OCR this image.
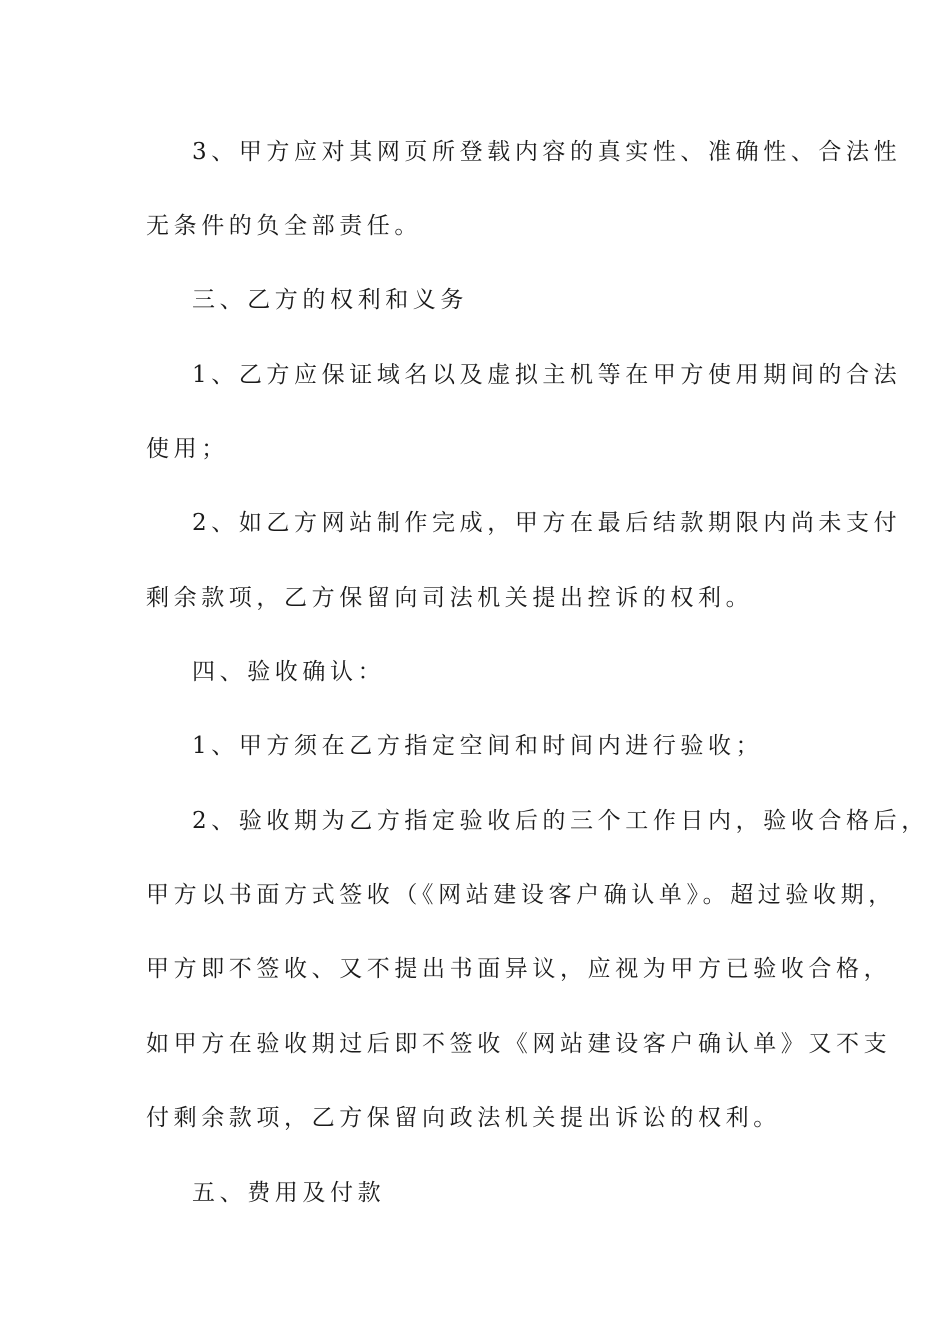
3、甲方应对其网页所登载内容的真实性、准确性、合法性
无条件的负全部责任。
三、乙方的权利和义务
1、乙方应保证域名以及虚拟主机等在甲方使用期间的合法
使用；
2、如乙方网站制作完成，甲方在最后结款期限内尚未支付
剩余款项，乙方保留向司法机关提出控诉的权利。
四、验收确认：
1、甲方须在乙方指定空间和时间内进行验收；
2、验收期为乙方指定验收后的三个工作日内，验收合格后，
甲方以书面方式签收（《网站建设客户确认单》。超过验收期，
甲方即不签收、又不提出书面异议，应视为甲方已验收合格，
如甲方在验收期过后即不签收《网站建设客户确认单》又不支
付剩余款项，乙方保留向政法机关提出诉讼的权利。
五、费用及付款
